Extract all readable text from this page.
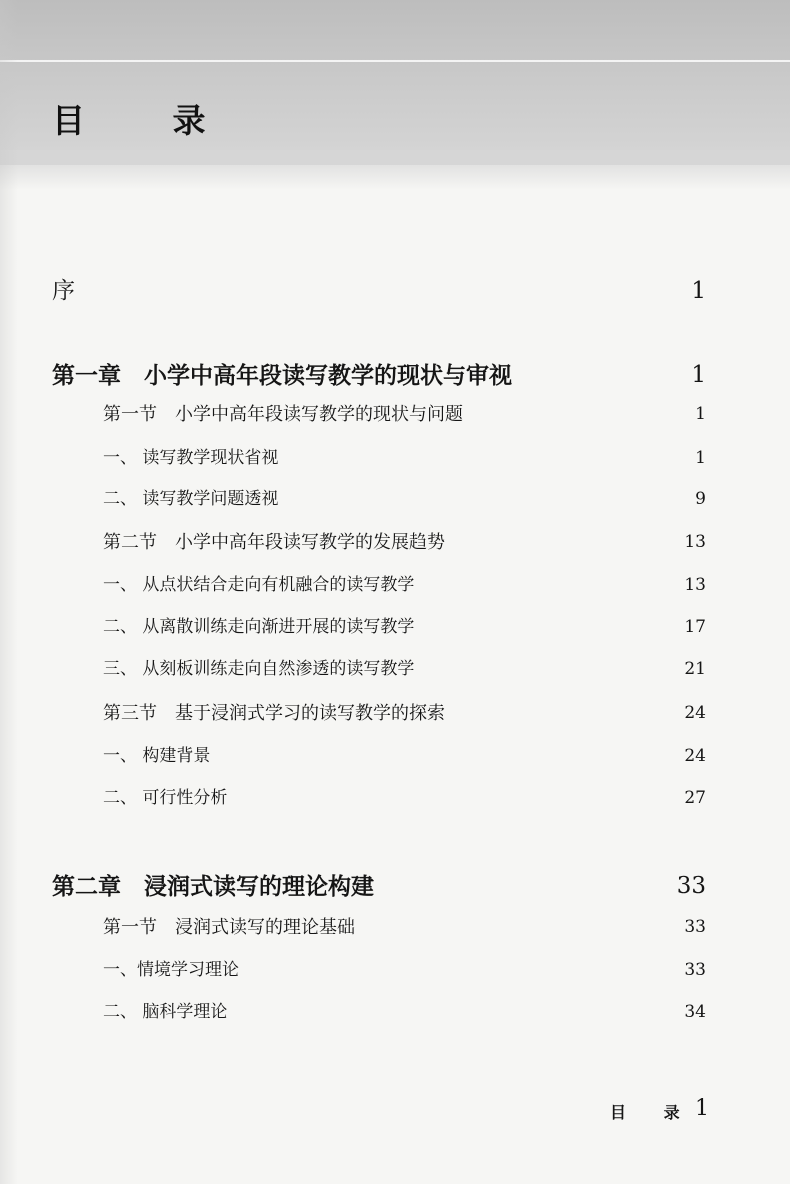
目 录
序	1
第一章　小学中高年段读写教学的现状与审视	1
第一节　小学中高年段读写教学的现状与问题	1
一、 读写教学现状省视	1
二、 读写教学问题透视	9
第二节　小学中高年段读写教学的发展趋势	13
一、 从点状结合走向有机融合的读写教学	13
二、 从离散训练走向渐进开展的读写教学	17
三、 从刻板训练走向自然渗透的读写教学	21
第三节　基于浸润式学习的读写教学的探索	24
一、 构建背景	24
二、 可行性分析	27
第二章　浸润式读写的理论构建	33
第一节　浸润式读写的理论基础	33
一、情境学习理论	33
二、 脑科学理论	34
目 录 1
